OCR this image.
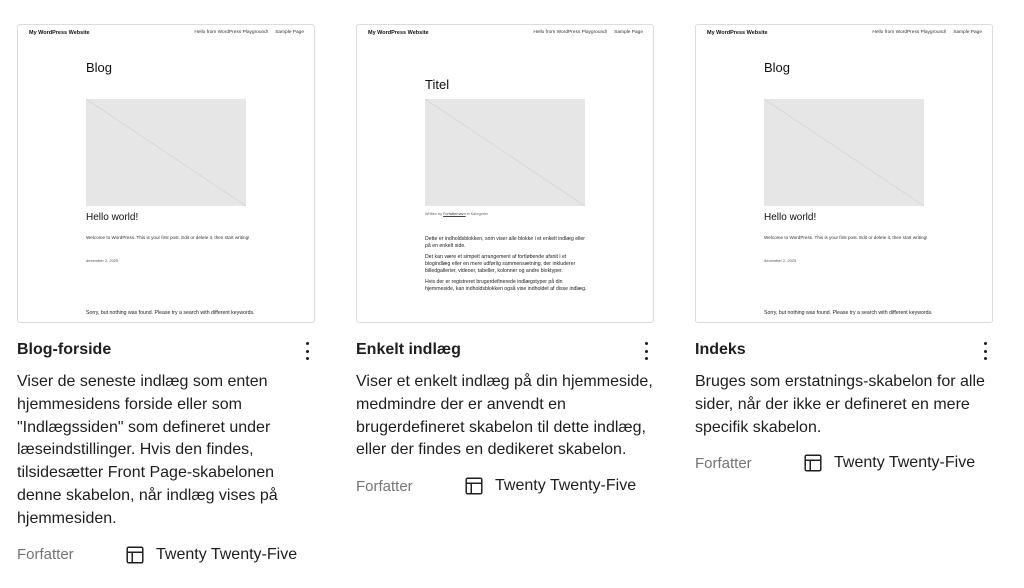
My WordPress Website	Hello from WordPress Playground! Sample Page
Blog
Hello world!
Welcome to WordPress. This is your first post. Edit or delete it, then start writing!
december 2, 2025
Sorry, but nothing was found. Please try a search with different keywords.
Blog-forside
Viser de seneste indlæg som enten hjemmesidens forside eller som "Indlægssiden" som defineret under læseindstillinger. Hvis den findes, tilsidesætter Front Page-skabelonen denne skabelon, når indlæg vises på hjemmesiden.
Forfatter	Twenty Twenty-Five
My WordPress Website	Hello from WordPress Playground! Sample Page
Titel
Written by Forfatternavn in Kategorier

Dette er indholdsblokken, som viser alle blokke i et enkelt indlæg eller på en enkelt side.

Det kan være et simpelt arrangement af fortløbende afsnit i et blogindlæg eller en mere udførlig sammensætning, der inkluderer billedgallerier, videoer, tabeller, kolonner og andre bloktyper.

Hvis der er registreret brugerdefinerede indlægstyper på din hjemmeside, kan indholdsblokken også vise indholdet af disse indlæg.

Enkelt indlæg
Viser et enkelt indlæg på din hjemmeside, medmindre der er anvendt en brugerdefineret skabelon til dette indlæg, eller der findes en dedikeret skabelon.
Forfatter	Twenty Twenty-Five
My WordPress Website	Hello from WordPress Playground! Sample Page
Blog
Hello world!
Welcome to WordPress. This is your first post. Edit or delete it, then start writing!
december 2, 2025
Sorry, but nothing was found. Please try a search with different keywords.
Indeks
Bruges som erstatnings-skabelon for alle sider, når der ikke er defineret en mere specifik skabelon.
Forfatter	Twenty Twenty-Five
